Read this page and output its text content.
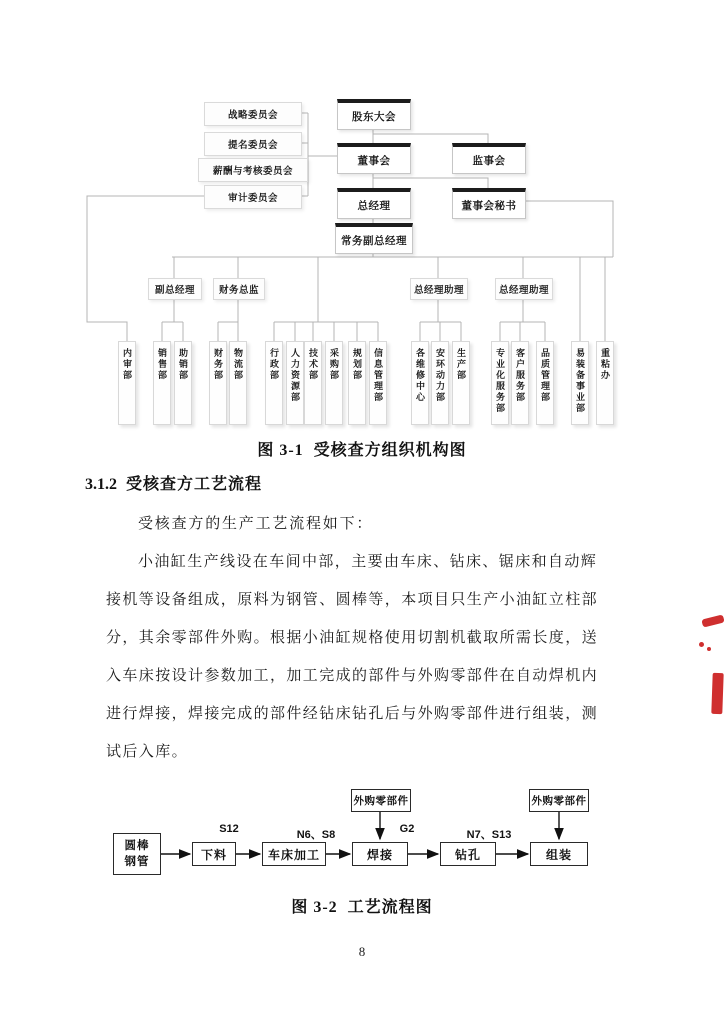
股东大会
董事会	监事会
总经理	董事会秘书
常务副总经理
战略委员会
提名委员会
薪酬与考核委员会
审计委员会
副总经理	财务总监	总经理助理	总经理助理
内审部	销售部	助销部	财务部	物流部	行政部	人力资源部 技术部	采购部	规划部	信息管理部	各维修中心	安环动力部	生产部	专业化服务部	客户服务部	品质管理部	易装备事业部	重粘办
图 3-1 受核查方组织机构图
3.1.2 受核查方工艺流程
受核查方的生产工艺流程如下：
小油缸生产线设在车间中部，主要由车床、钻床、锯床和自动辉
接机等设备组成，原料为钢管、圆棒等，本项目只生产小油缸立柱部
分，其余零部件外购。根据小油缸规格使用切割机截取所需长度，送
入车床按设计参数加工，加工完成的部件与外购零部件在自动焊机内
进行焊接，焊接完成的部件经钻床钻孔后与外购零部件进行组装，测
试后入库。
圆棒
钢管
下料	车床加工	焊接	钻孔	组装
外购零部件	外购零部件
S12	N6、S8	G2	N7、S13
图 3-2 工艺流程图
8
